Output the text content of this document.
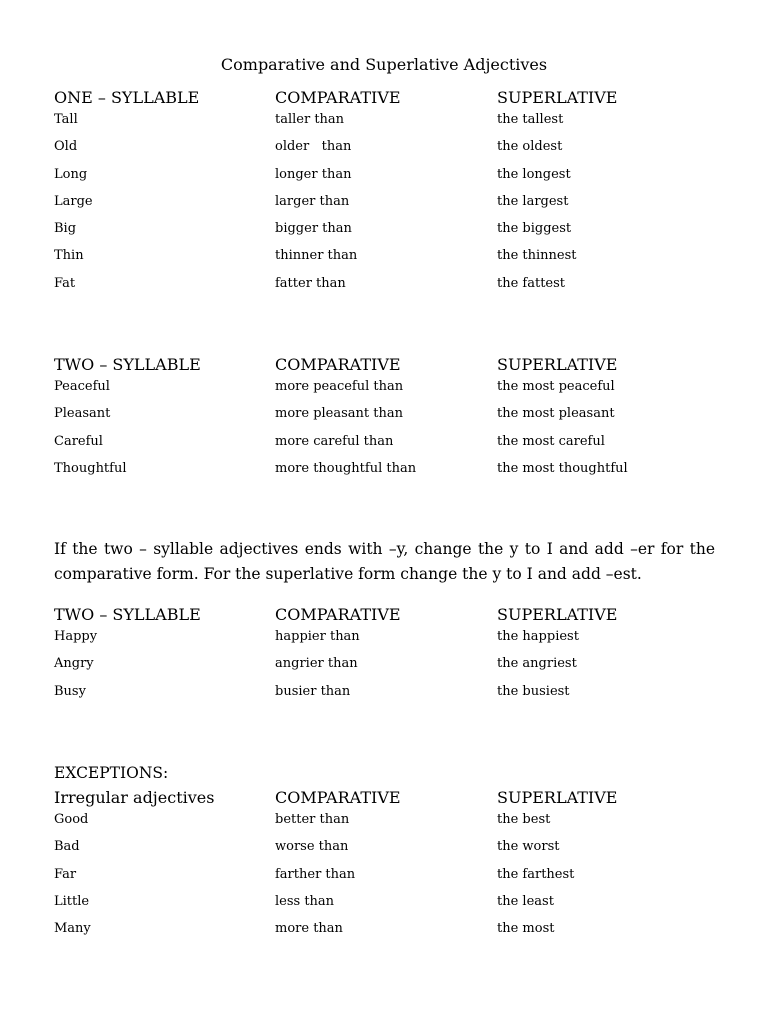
Comparative and Superlative Adjectives
ONE – SYLLABLE	COMPARATIVE	SUPERLATIVE
Tall	taller than	the tallest
Old	older   than	the oldest
Long	longer than	the longest
Large	larger than	the largest
Big	bigger than	the biggest
Thin	thinner than	the thinnest
Fat	fatter than	the fattest
TWO – SYLLABLE	COMPARATIVE	SUPERLATIVE
Peaceful	more peaceful than	the most peaceful
Pleasant	more pleasant than	the most pleasant
Careful	more careful than	the most careful
Thoughtful	more thoughtful than	the most thoughtful
If the two – syllable adjectives ends with –y, change the y to I and add –er for the comparative form. For the superlative form change the y to I and add –est.
TWO – SYLLABLE	COMPARATIVE	SUPERLATIVE
Happy	happier than	the happiest
Angry	angrier than	the angriest
Busy	busier than	the busiest
EXCEPTIONS:
Irregular adjectives	COMPARATIVE	SUPERLATIVE
Good	better than	the best
Bad	worse than	the worst
Far	farther than	the farthest
Little	less than	the least
Many	more than	the most
